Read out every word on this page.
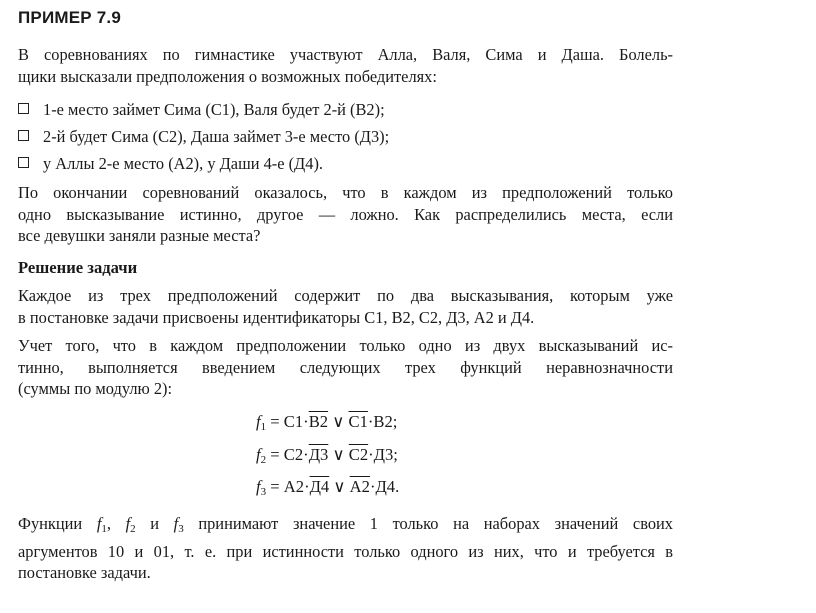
ПРИМЕР 7.9
В соревнованиях по гимнастике участвуют Алла, Валя, Сима и Даша. Болель-
щики высказали предположения о возможных победителях:
1-е место займет Сима (С1), Валя будет 2-й (В2);
2-й будет Сима (С2), Даша займет 3-е место (Д3);
у Аллы 2-е место (А2), у Даши 4-е (Д4).
По окончании соревнований оказалось, что в каждом из предположений только
одно высказывание истинно, другое — ложно. Как распределились места, если
все девушки заняли разные места?
Решение задачи
Каждое из трех предположений содержит по два высказывания, которым уже
в постановке задачи присвоены идентификаторы С1, В2, С2, Д3, А2 и Д4.
Учет того, что в каждом предположении только одно из двух высказываний ис-
тинно, выполняется введением следующих трех функций неравнозначности
(суммы по модулю 2):
$f_1 = С1\cdot В2$ ∨ С1·В2;
$f_2 = С2\cdot Д3$ ∨ С2·Д3;
$f_3 = А2\cdot Д4$ ∨ А2·Д4.
Функции $f_1$, $f_2$ и $f_3$ принимают значение 1 только на наборах значений своих
аргументов 10 и 01, т. е. при истинности только одного из них, что и требуется в
постановке задачи.
